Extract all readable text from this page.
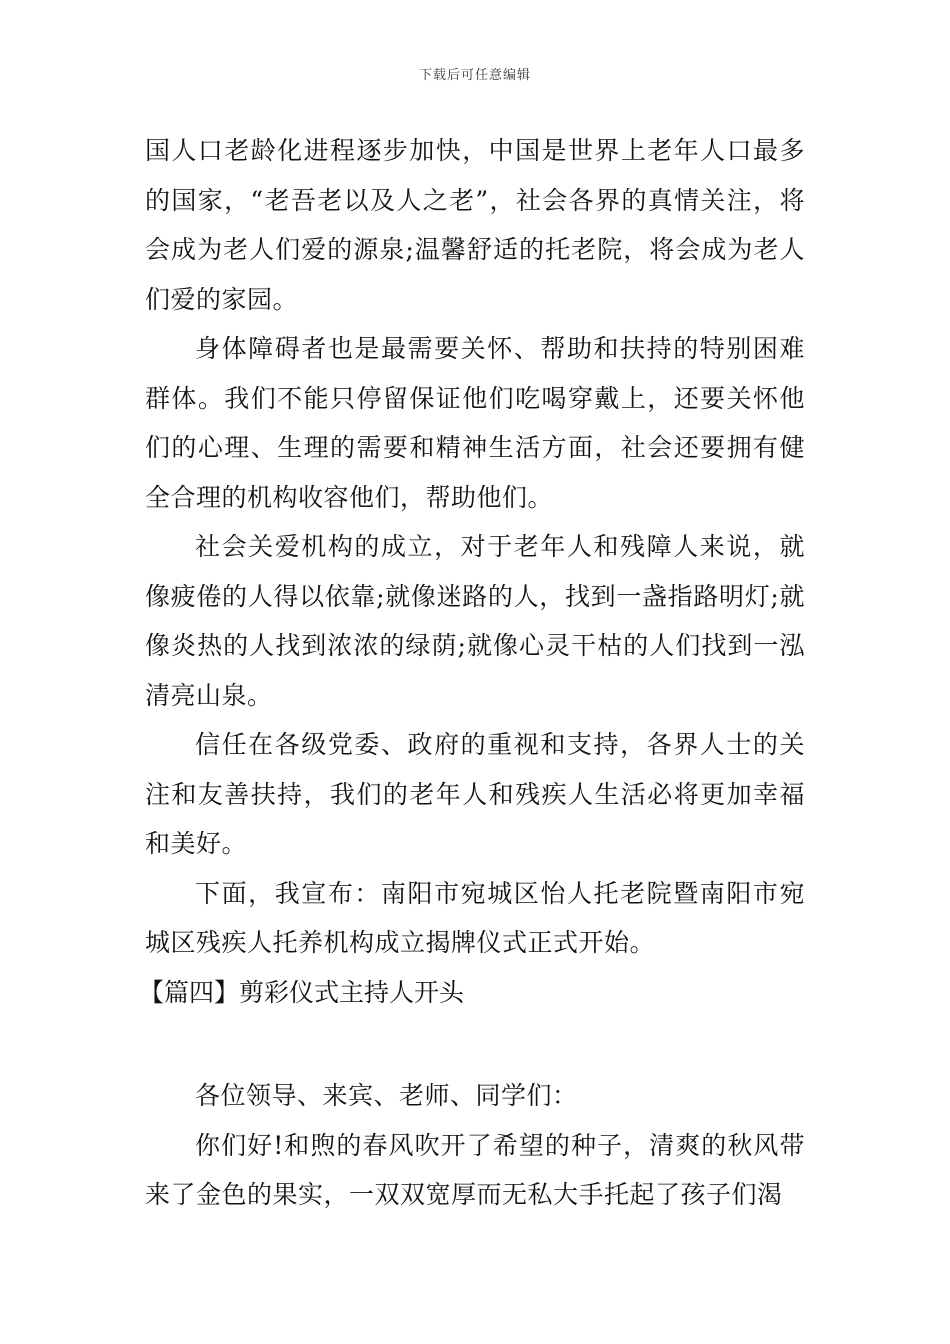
下载后可任意编辑

国人口老龄化进程逐步加快，中国是世界上老年人口最多的国家，“老吾老以及人之老”，社会各界的真情关注，将会成为老人们爱的源泉;温馨舒适的托老院，将会成为老人们爱的家园。

身体障碍者也是最需要关怀、帮助和扶持的特别困难群体。我们不能只停留保证他们吃喝穿戴上，还要关怀他们的心理、生理的需要和精神生活方面，社会还要拥有健全合理的机构收容他们，帮助他们。

社会关爱机构的成立，对于老年人和残障人来说，就像疲倦的人得以依靠;就像迷路的人，找到一盏指路明灯;就像炎热的人找到浓浓的绿荫;就像心灵干枯的人们找到一泓清亮山泉。

信任在各级党委、政府的重视和支持，各界人士的关注和友善扶持，我们的老年人和残疾人生活必将更加幸福和美好。

下面，我宣布：南阳市宛城区怡人托老院暨南阳市宛城区残疾人托养机构成立揭牌仪式正式开始。

【篇四】剪彩仪式主持人开头

各位领导、来宾、老师、同学们：

你们好!和煦的春风吹开了希望的种子，清爽的秋风带来了金色的果实，一双双宽厚而无私大手托起了孩子们渴
